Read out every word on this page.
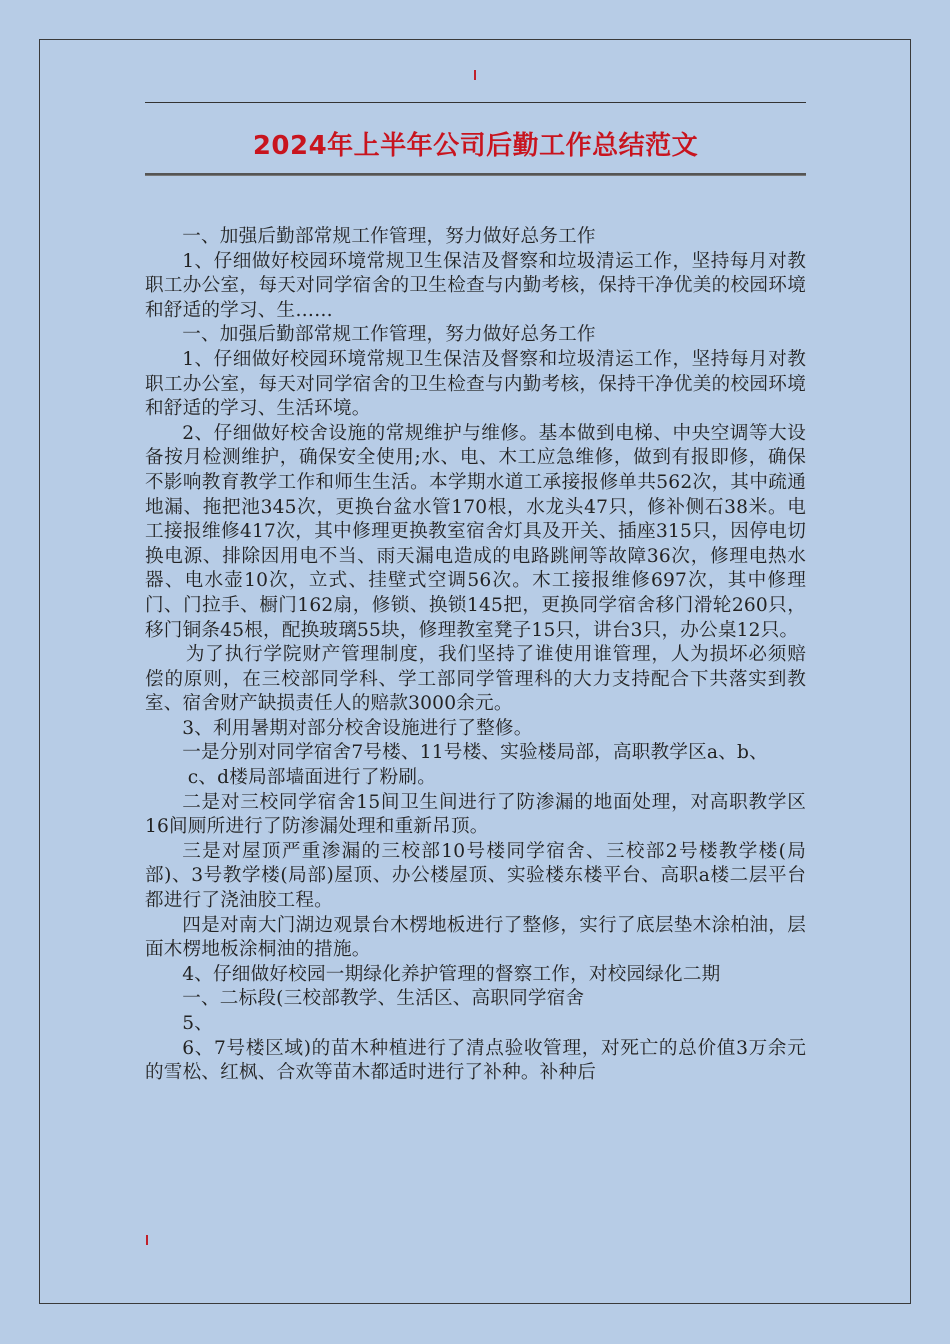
2024年上半年公司后勤工作总结范文

一、加强后勤部常规工作管理，努力做好总务工作

1、仔细做好校园环境常规卫生保洁及督察和垃圾清运工作，坚持每月对教职工办公室，每天对同学宿舍的卫生检查与内勤考核，保持干净优美的校园环境和舒适的学习、生……

一、加强后勤部常规工作管理，努力做好总务工作

1、仔细做好校园环境常规卫生保洁及督察和垃圾清运工作，坚持每月对教职工办公室，每天对同学宿舍的卫生检查与内勤考核，保持干净优美的校园环境和舒适的学习、生活环境。

2、仔细做好校舍设施的常规维护与维修。基本做到电梯、中央空调等大设备按月检测维护，确保安全使用;水、电、木工应急维修，做到有报即修，确保不影响教育教学工作和师生生活。本学期水道工承接报修单共562次，其中疏通地漏、拖把池345次，更换台盆水管170根，水龙头47只，修补侧石38米。电工接报维修417次，其中修理更换教室宿舍灯具及开关、插座315只，因停电切换电源、排除因用电不当、雨天漏电造成的电路跳闸等故障36次，修理电热水器、电水壶10次，立式、挂壁式空调56次。木工接报维修697次，其中修理门、门拉手、橱门162扇，修锁、换锁145把，更换同学宿舍移门滑轮260只，移门铜条45根，配换玻璃55块，修理教室凳子15只，讲台3只，办公桌12只。

为了执行学院财产管理制度，我们坚持了谁使用谁管理，人为损坏必须赔偿的原则，在三校部同学科、学工部同学管理科的大力支持配合下共落实到教室、宿舍财产缺损责任人的赔款3000余元。

3、利用暑期对部分校舍设施进行了整修。

一是分别对同学宿舍7号楼、11号楼、实验楼局部，高职教学区a、b、

c、d楼局部墙面进行了粉刷。

二是对三校同学宿舍15间卫生间进行了防渗漏的地面处理，对高职教学区16间厕所进行了防渗漏处理和重新吊顶。

三是对屋顶严重渗漏的三校部10号楼同学宿舍、三校部2号楼教学楼(局部)、3号教学楼(局部)屋顶、办公楼屋顶、实验楼东楼平台、高职a楼二层平台都进行了浇油胶工程。

四是对南大门湖边观景台木楞地板进行了整修，实行了底层垫木涂柏油，层面木楞地板涂桐油的措施。

4、仔细做好校园一期绿化养护管理的督察工作，对校园绿化二期

一、二标段(三校部教学、生活区、高职同学宿舍

5、

6、7号楼区域)的苗木种植进行了清点验收管理，对死亡的总价值3万余元的雪松、红枫、合欢等苗木都适时进行了补种。补种后
